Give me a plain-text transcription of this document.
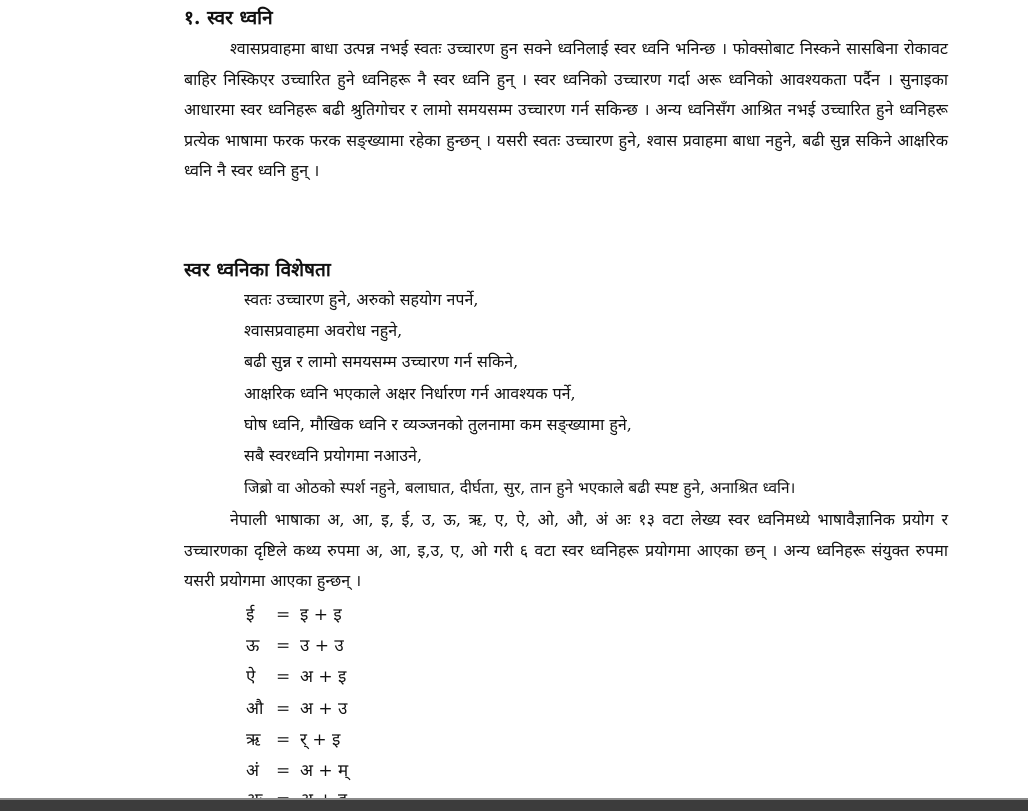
१. स्वर ध्वनि

श्वासप्रवाहमा बाधा उत्पन्न नभई स्वतः उच्चारण हुन सक्ने ध्वनिलाई स्वर ध्वनि भनिन्छ । फोक्सोबाट निस्कने सासबिना रोकावट बाहिर निस्किएर उच्चारित हुने ध्वनिहरू नै स्वर ध्वनि हुन् । स्वर ध्वनिको उच्चारण गर्दा अरू ध्वनिको आवश्यकता पर्दैन । सुनाइका आधारमा स्वर ध्वनिहरू बढी श्रुतिगोचर र लामो समयसम्म उच्चारण गर्न सकिन्छ । अन्य ध्वनिसँग आश्रित नभई उच्चारित हुने ध्वनिहरू प्रत्येक भाषामा फरक फरक सङ्ख्यामा रहेका हुन्छन् । यसरी स्वतः उच्चारण हुने, श्वास प्रवाहमा बाधा नहुने, बढी सुन्न सकिने आक्षरिक ध्वनि नै स्वर ध्वनि हुन् ।

स्वर ध्वनिका विशेषता
स्वतः उच्चारण हुने, अरुको सहयोग नपर्ने,
श्वासप्रवाहमा अवरोध नहुने,
बढी सुन्न र लामो समयसम्म उच्चारण गर्न सकिने,
आक्षरिक ध्वनि भएकाले अक्षर निर्धारण गर्न आवश्यक पर्ने,
घोष ध्वनि, मौखिक ध्वनि र व्यञ्जनको तुलनामा कम सङ्ख्यामा हुने,
सबै स्वरध्वनि प्रयोगमा नआउने,
जिब्रो वा ओठको स्पर्श नहुने, बलाघात, दीर्घता, सुर, तान हुने भएकाले बढी स्पष्ट हुने, अनाश्रित ध्वनि।

नेपाली भाषाका अ, आ, इ, ई, उ, ऊ, ऋ, ए, ऐ, ओ, औ, अं अः १३ वटा लेख्य स्वर ध्वनिमध्ये भाषावैज्ञानिक प्रयोग र उच्चारणका दृष्टिले कथ्य रुपमा अ, आ, इ,उ, ए, ओ गरी ६ वटा स्वर ध्वनिहरू प्रयोगमा आएका छन् । अन्य ध्वनिहरू संयुक्त रुपमा यसरी प्रयोगमा आएका हुन्छन् ।

ई = इ + इ
ऊ = उ + उ
ऐ = अ + इ
औ = अ + उ
ऋ = र् + इ
अं = अ + म्
